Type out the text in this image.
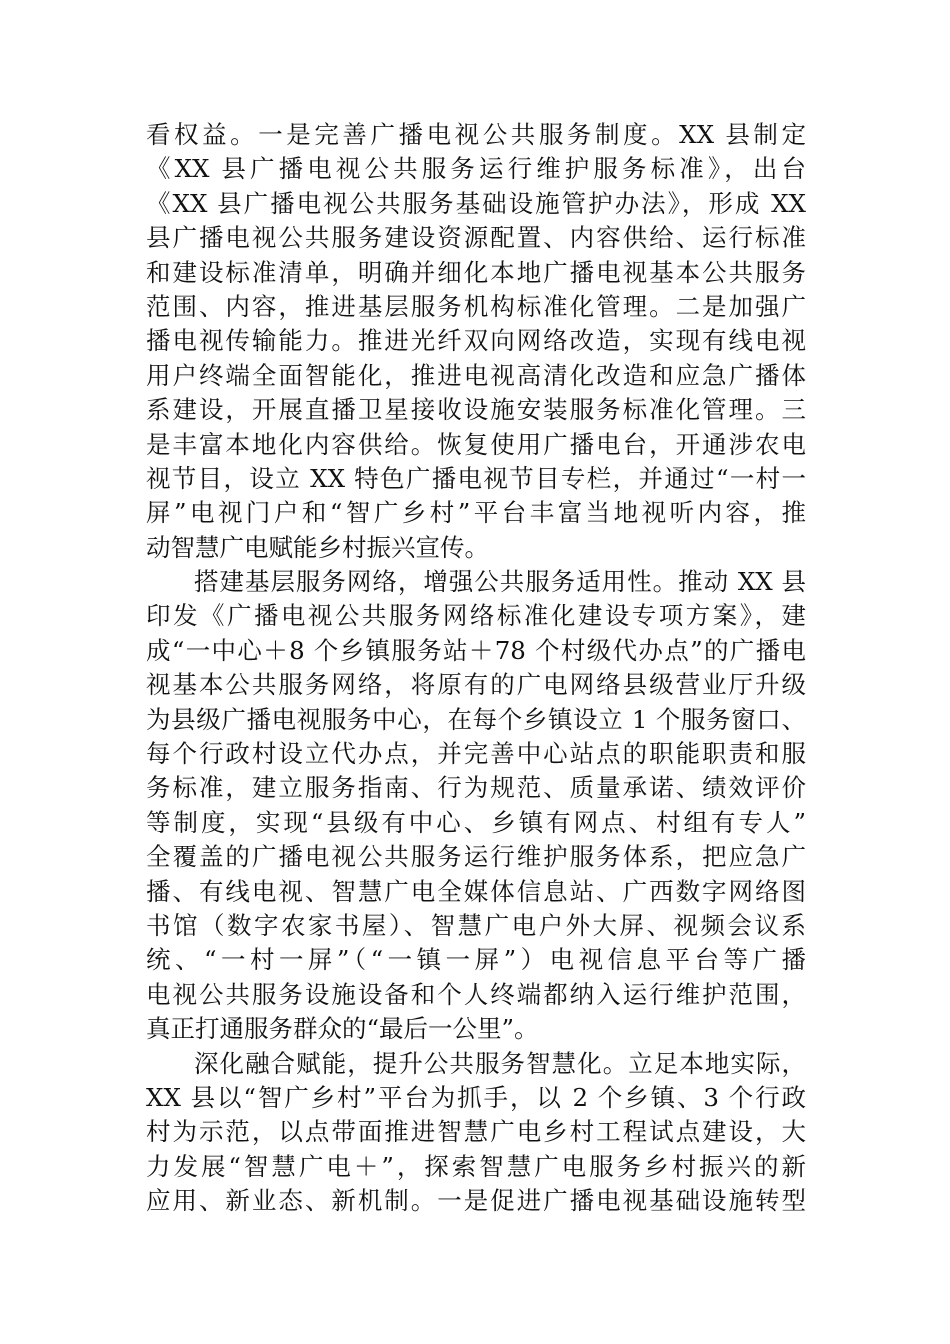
看权益。一是完善广播电视公共服务制度。XX 县制定
《XX 县广播电视公共服务运行维护服务标准》，出台
《XX 县广播电视公共服务基础设施管护办法》，形成 XX
县广播电视公共服务建设资源配置、内容供给、运行标准
和建设标准清单，明确并细化本地广播电视基本公共服务
范围、内容，推进基层服务机构标准化管理。二是加强广
播电视传输能力。推进光纤双向网络改造，实现有线电视
用户终端全面智能化，推进电视高清化改造和应急广播体
系建设，开展直播卫星接收设施安装服务标准化管理。三
是丰富本地化内容供给。恢复使用广播电台，开通涉农电
视节目，设立 XX 特色广播电视节目专栏，并通过“一村一
屏”电视门户和“智广乡村”平台丰富当地视听内容，推
动智慧广电赋能乡村振兴宣传。
搭建基层服务网络，增强公共服务适用性。推动 XX 县
印发《广播电视公共服务网络标准化建设专项方案》，建
成“一中心＋8 个乡镇服务站＋78 个村级代办点”的广播电
视基本公共服务网络，将原有的广电网络县级营业厅升级
为县级广播电视服务中心，在每个乡镇设立 1 个服务窗口、
每个行政村设立代办点，并完善中心站点的职能职责和服
务标准，建立服务指南、行为规范、质量承诺、绩效评价
等制度，实现“县级有中心、乡镇有网点、村组有专人”
全覆盖的广播电视公共服务运行维护服务体系，把应急广
播、有线电视、智慧广电全媒体信息站、广西数字网络图
书馆（数字农家书屋）、智慧广电户外大屏、视频会议系
统、“一村一屏”（“一镇一屏”）电视信息平台等广播
电视公共服务设施设备和个人终端都纳入运行维护范围，
真正打通服务群众的“最后一公里”。
深化融合赋能，提升公共服务智慧化。立足本地实际，
XX 县以“智广乡村”平台为抓手，以 2 个乡镇、3 个行政
村为示范，以点带面推进智慧广电乡村工程试点建设，大
力发展“智慧广电＋”，探索智慧广电服务乡村振兴的新
应用、新业态、新机制。一是促进广播电视基础设施转型
